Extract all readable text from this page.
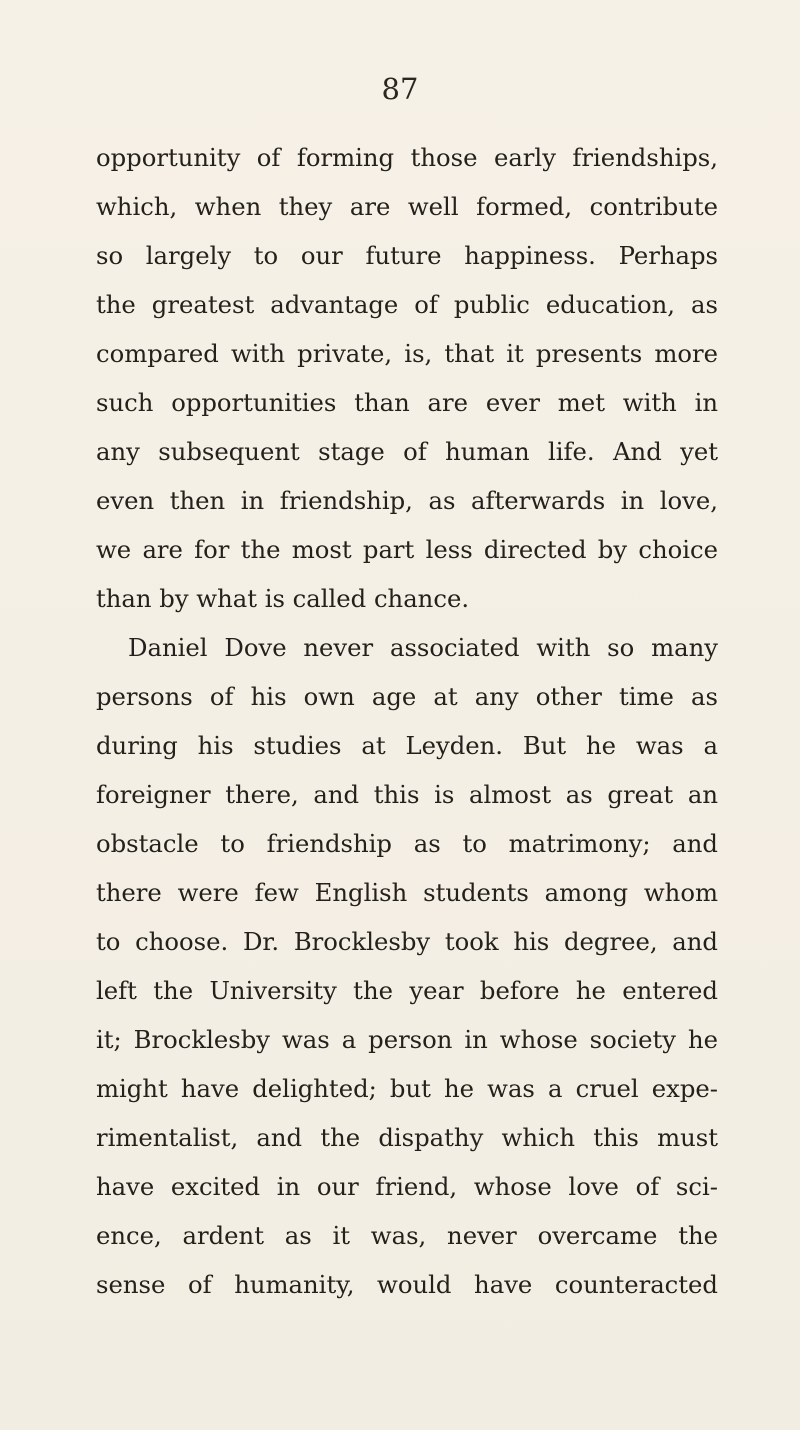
87
opportunity of forming those early friendships,
which, when they are well formed, contribute
so largely to our future happiness. Perhaps
the greatest advantage of public education, as
compared with private, is, that it presents more
such opportunities than are ever met with in
any subsequent stage of human life. And yet
even then in friendship, as afterwards in love,
we are for the most part less directed by choice
than by what is called chance.
Daniel Dove never associated with so many
persons of his own age at any other time as
during his studies at Leyden. But he was a
foreigner there, and this is almost as great an
obstacle to friendship as to matrimony; and
there were few English students among whom
to choose. Dr. Brocklesby took his degree, and
left the University the year before he entered
it; Brocklesby was a person in whose society he
might have delighted; but he was a cruel expe-
rimentalist, and the dispathy which this must
have excited in our friend, whose love of sci-
ence, ardent as it was, never overcame the
sense of humanity, would have counteracted
